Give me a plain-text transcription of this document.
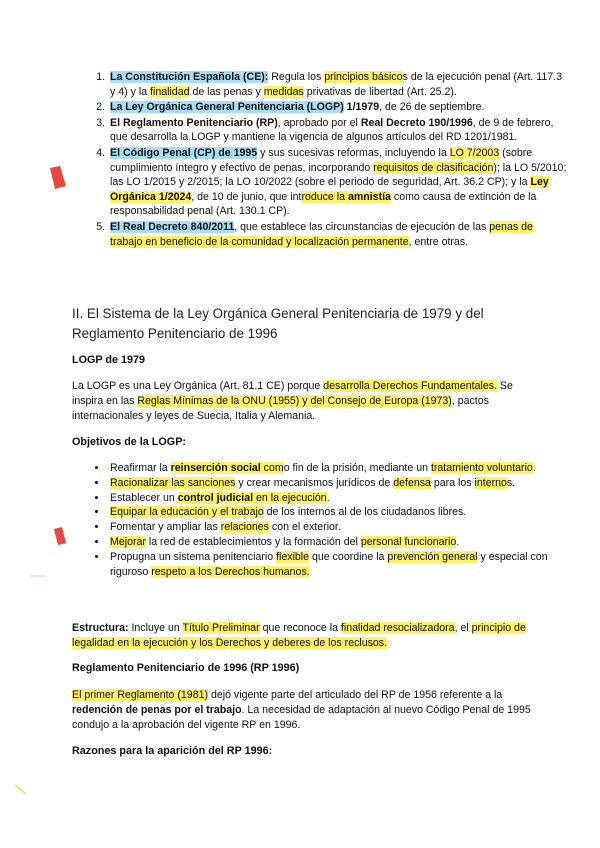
1. La Constitución Española (CE): Regula los principios básicos de la ejecución penal (Art. 117.3 y 4) y la finalidad de las penas y medidas privativas de libertad (Art. 25.2).
2. La Ley Orgánica General Penitenciaria (LOGP) 1/1979, de 26 de septiembre.
3. El Reglamento Penitenciario (RP), aprobado por el Real Decreto 190/1996, de 9 de febrero, que desarrolla la LOGP y mantiene la vigencia de algunos artículos del RD 1201/1981.
4. El Código Penal (CP) de 1995 y sus sucesivas reformas, incluyendo la LO 7/2003 (sobre cumplimiento íntegro y efectivo de penas, incorporando requisitos de clasificación); la LO 5/2010; las LO 1/2015 y 2/2015; la LO 10/2022 (sobre el periodo de seguridad, Art. 36.2 CP); y la Ley Orgánica 1/2024, de 10 de junio, que introduce la amnistía como causa de extinción de la responsabilidad penal (Art. 130.1 CP).
5. El Real Decreto 840/2011, que establece las circunstancias de ejecución de las penas de trabajo en beneficio de la comunidad y localización permanente, entre otras.
II. El Sistema de la Ley Orgánica General Penitenciaria de 1979 y del Reglamento Penitenciario de 1996
LOGP de 1979

La LOGP es una Ley Orgánica (Art. 81.1 CE) porque desarrolla Derechos Fundamentales. Se inspira en las Reglas Mínimas de la ONU (1955) y del Consejo de Europa (1973), pactos internacionales y leyes de Suecia, Italia y Alemania.

Objetivos de la LOGP:
• Reafirmar la reinserción social como fin de la prisión, mediante un tratamiento voluntario.
• Racionalizar las sanciones y crear mecanismos jurídicos de defensa para los internos.
• Establecer un control judicial en la ejecución.
• Equipar la educación y el trabajo de los internos al de los ciudadanos libres.
• Fomentar y ampliar las relaciones con el exterior.
• Mejorar la red de establecimientos y la formación del personal funcionario.
• Propugna un sistema penitenciario flexible que coordine la prevención general y especial con riguroso respeto a los Derechos humanos.

Estructura: Incluye un Título Preliminar que reconoce la finalidad resocializadora, el principio de legalidad en la ejecución y los Derechos y deberes de los reclusos.

Reglamento Penitenciario de 1996 (RP 1996)

El primer Reglamento (1981) dejó vigente parte del articulado del RP de 1956 referente a la redención de penas por el trabajo. La necesidad de adaptación al nuevo Código Penal de 1995 condujo a la aprobación del vigente RP en 1996.

Razones para la aparición del RP 1996:
